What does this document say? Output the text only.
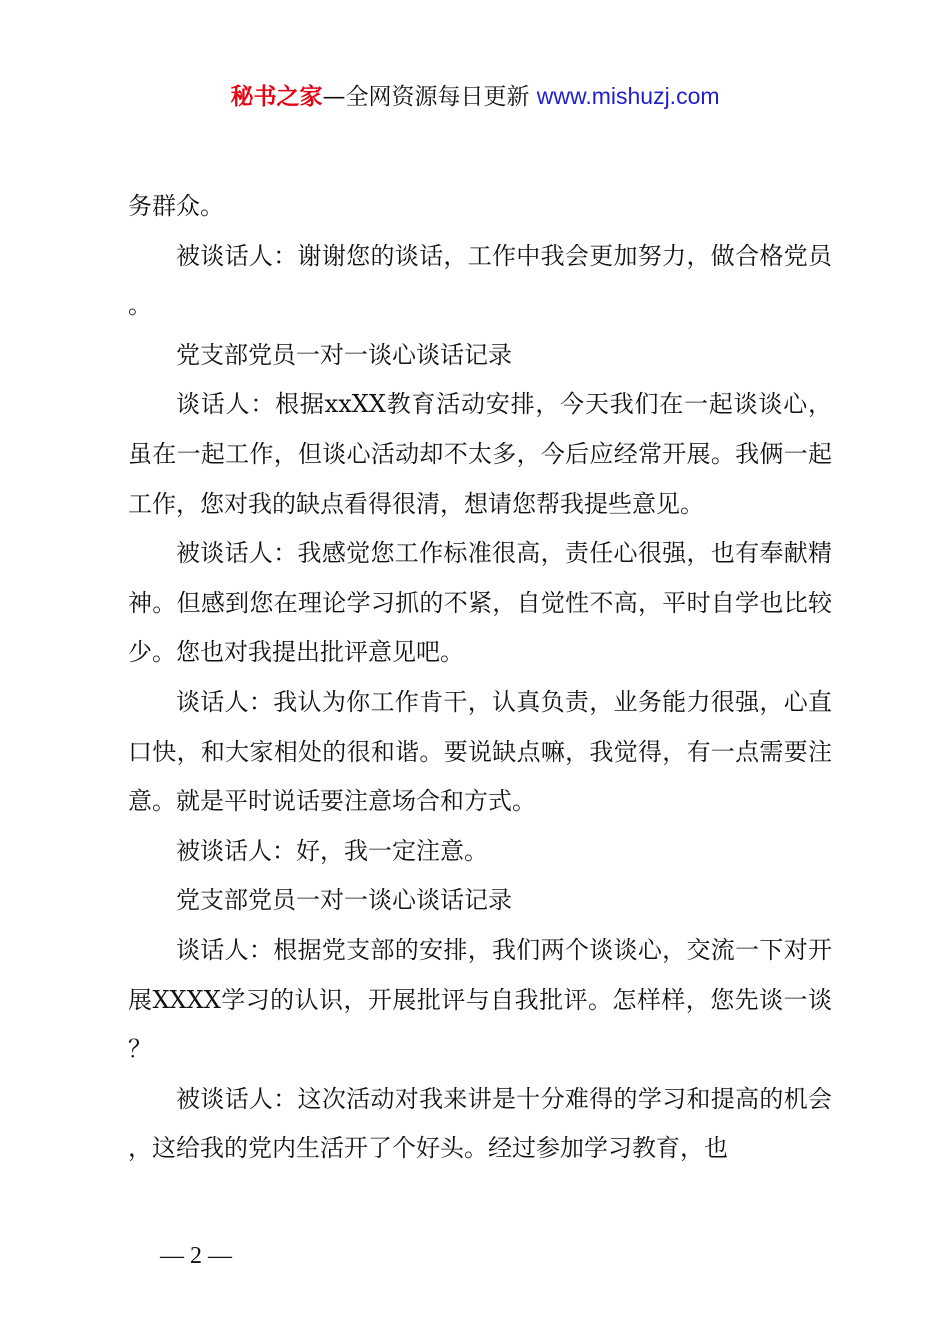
秘书之家—全网资源每日更新 www.mishuzj.com

务群众。

被谈话人：谢谢您的谈话，工作中我会更加努力，做合格党员。

党支部党员一对一谈心谈话记录

谈话人：根据xxXX教育活动安排，今天我们在一起谈谈心，虽在一起工作，但谈心活动却不太多，今后应经常开展。我俩一起工作，您对我的缺点看得很清，想请您帮我提些意见。

被谈话人：我感觉您工作标准很高，责任心很强，也有奉献精神。但感到您在理论学习抓的不紧，自觉性不高，平时自学也比较少。您也对我提出批评意见吧。

谈话人：我认为你工作肯干，认真负责，业务能力很强，心直口快，和大家相处的很和谐。要说缺点嘛，我觉得，有一点需要注意。就是平时说话要注意场合和方式。

被谈话人：好，我一定注意。

党支部党员一对一谈心谈话记录

谈话人：根据党支部的安排，我们两个谈谈心，交流一下对开展XXXX学习的认识，开展批评与自我批评。怎样样，您先谈一谈？

被谈话人：这次活动对我来讲是十分难得的学习和提高的机会，这给我的党内生活开了个好头。经过参加学习教育，也

— 2 —
